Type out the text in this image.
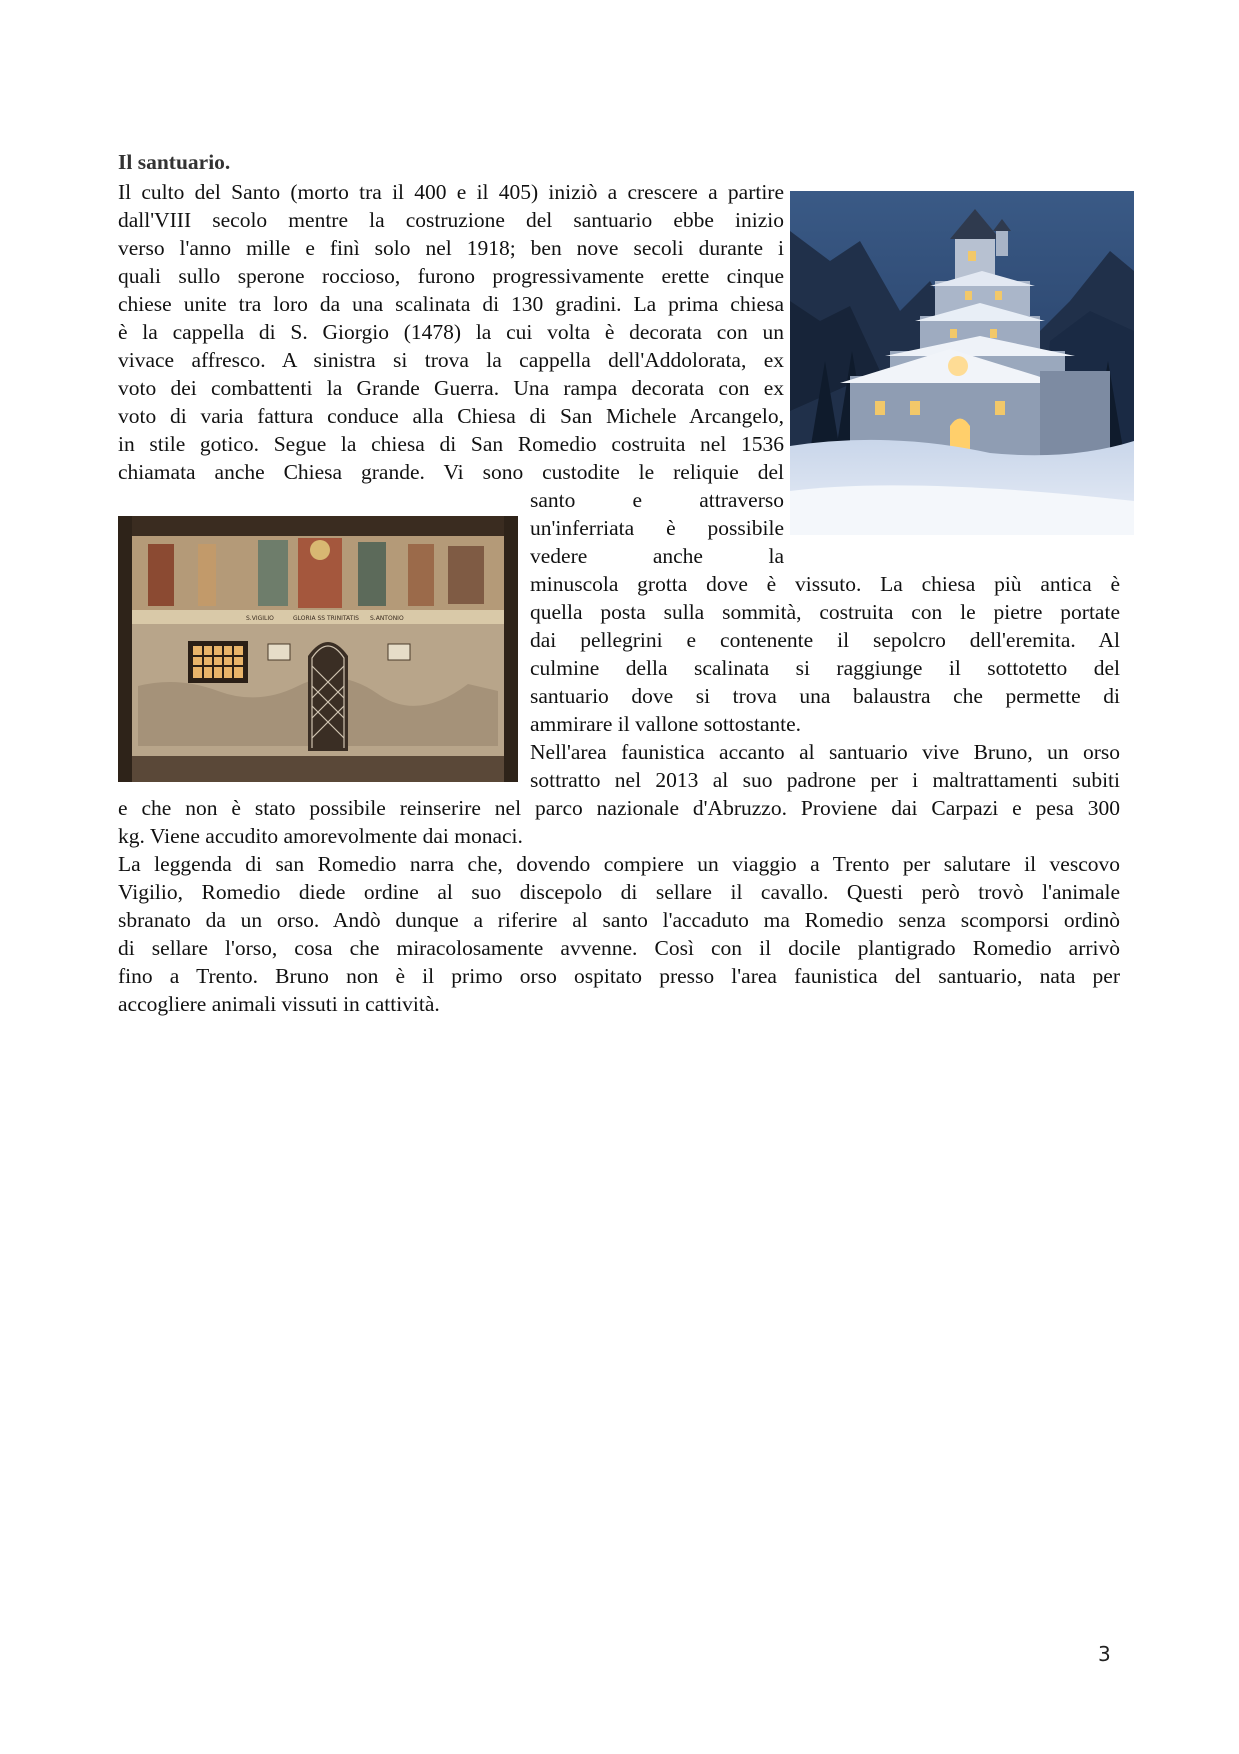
Il santuario.
S.VIGILIO	GLORIA SS TRINITATIS S.ANTONIO
Il culto del Santo (morto tra il 400 e il 405) iniziò a crescere a partire
dall'VIII secolo mentre la costruzione del santuario ebbe inizio
verso l'anno mille e finì solo nel 1918; ben nove secoli durante i
quali sullo sperone roccioso, furono progressivamente erette cinque
chiese unite tra loro da una scalinata di 130 gradini. La prima chiesa
è la cappella di S. Giorgio (1478) la cui volta è decorata con un
vivace affresco. A sinistra si trova la cappella dell'Addolorata, ex
voto dei combattenti la Grande Guerra. Una rampa decorata con ex
voto di varia fattura conduce alla Chiesa di San Michele Arcangelo,
in stile gotico. Segue la chiesa di San Romedio costruita nel 1536
chiamata anche Chiesa grande. Vi sono custodite le reliquie del
santo e attraverso
un'inferriata è possibile
vedere anche la
minuscola grotta dove è vissuto. La chiesa più antica è
quella posta sulla sommità, costruita con le pietre portate
dai pellegrini e contenente il sepolcro dell'eremita. Al
culmine della scalinata si raggiunge il sottotetto del
santuario dove si trova una balaustra che permette di
ammirare il vallone sottostante.
Nell'area faunistica accanto al santuario vive Bruno, un orso
sottratto nel 2013 al suo padrone per i maltrattamenti subiti
e che non è stato possibile reinserire nel parco nazionale d'Abruzzo. Proviene dai Carpazi e pesa 300
kg. Viene accudito amorevolmente dai monaci.
La leggenda di san Romedio narra che, dovendo compiere un viaggio a Trento per salutare il vescovo
Vigilio, Romedio diede ordine al suo discepolo di sellare il cavallo. Questi però trovò l'animale
sbranato da un orso. Andò dunque a riferire al santo l'accaduto ma Romedio senza scomporsi ordinò
di sellare l'orso, cosa che miracolosamente avvenne. Così con il docile plantigrado Romedio arrivò
fino a Trento. Bruno non è il primo orso ospitato presso l'area faunistica del santuario, nata per
accogliere animali vissuti in cattività.
3
